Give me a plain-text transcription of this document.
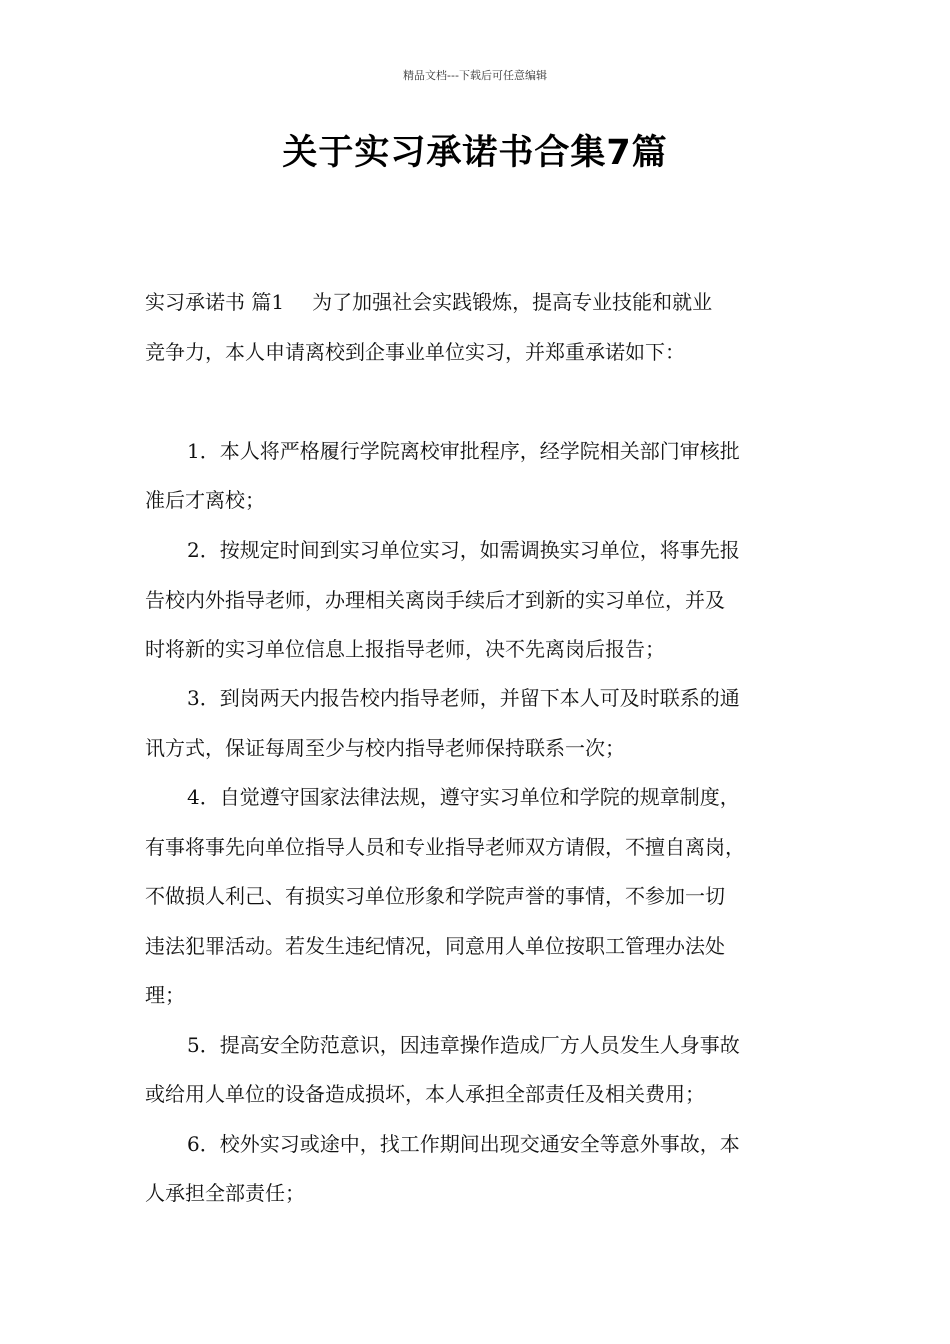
精品文档---下载后可任意编辑
关于实习承诺书合集7篇
实习承诺书 篇1 为了加强社会实践锻炼，提高专业技能和就业
竞争力，本人申请离校到企事业单位实习，并郑重承诺如下：
1．本人将严格履行学院离校审批程序，经学院相关部门审核批
准后才离校；
2．按规定时间到实习单位实习，如需调换实习单位，将事先报
告校内外指导老师，办理相关离岗手续后才到新的实习单位，并及
时将新的实习单位信息上报指导老师，决不先离岗后报告；
3．到岗两天内报告校内指导老师，并留下本人可及时联系的通
讯方式，保证每周至少与校内指导老师保持联系一次；
4．自觉遵守国家法律法规，遵守实习单位和学院的规章制度，
有事将事先向单位指导人员和专业指导老师双方请假，不擅自离岗，
不做损人利己、有损实习单位形象和学院声誉的事情，不参加一切
违法犯罪活动。若发生违纪情况，同意用人单位按职工管理办法处
理；
5．提高安全防范意识，因违章操作造成厂方人员发生人身事故
或给用人单位的设备造成损坏，本人承担全部责任及相关费用；
6．校外实习或途中，找工作期间出现交通安全等意外事故，本
人承担全部责任；
